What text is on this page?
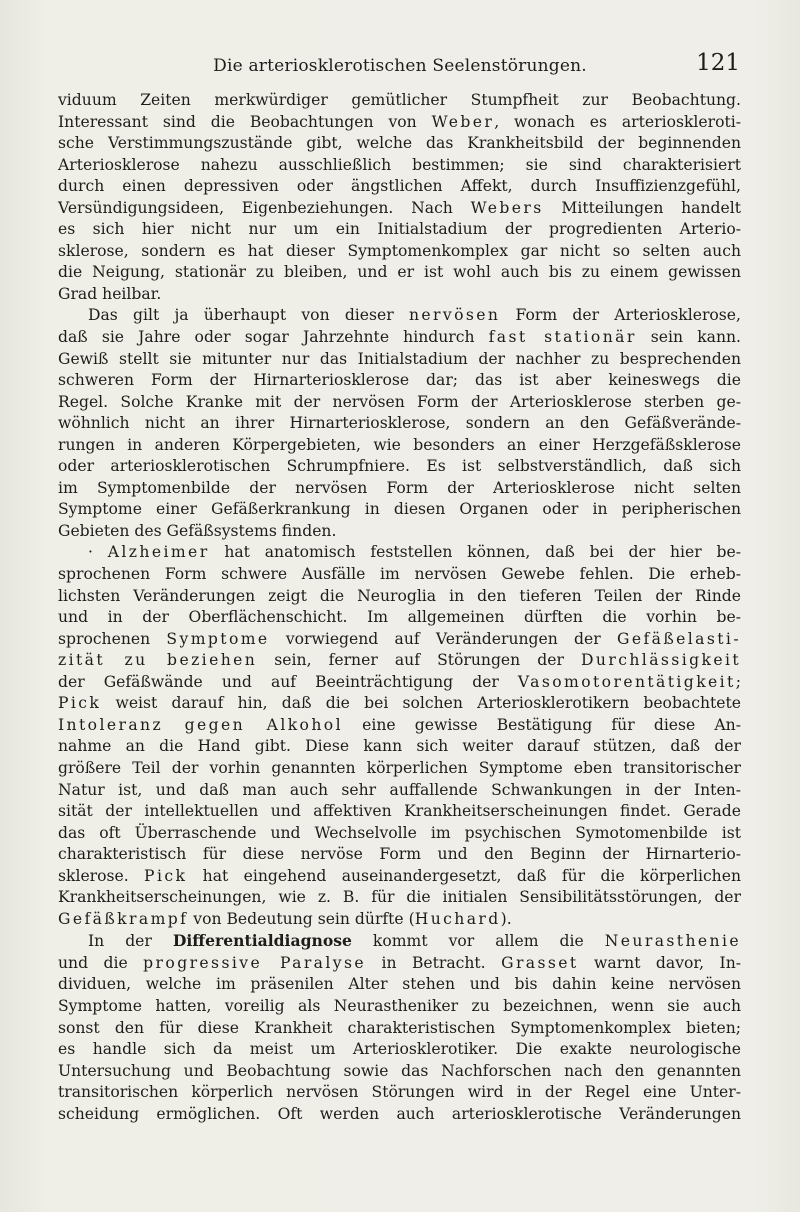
Die arteriosklerotischen Seelenstörungen.	121
viduum Zeiten merkwürdiger gemütlicher Stumpfheit zur Beobachtung.
Interessant sind die Beobachtungen von Weber, wonach es arterioskleroti-
sche Verstimmungszustände gibt, welche das Krankheitsbild der beginnenden
Arteriosklerose nahezu ausschließlich bestimmen; sie sind charakterisiert
durch einen depressiven oder ängstlichen Affekt, durch Insuffizienzgefühl,
Versündigungsideen, Eigenbeziehungen. Nach Webers Mitteilungen handelt
es sich hier nicht nur um ein Initialstadium der progredienten Arterio-
sklerose, sondern es hat dieser Symptomenkomplex gar nicht so selten auch
die Neigung, stationär zu bleiben, und er ist wohl auch bis zu einem gewissen
Grad heilbar.
Das gilt ja überhaupt von dieser nervösen Form der Arteriosklerose,
daß sie Jahre oder sogar Jahrzehnte hindurch fast stationär sein kann.
Gewiß stellt sie mitunter nur das Initialstadium der nachher zu besprechenden
schweren Form der Hirnarteriosklerose dar; das ist aber keineswegs die
Regel. Solche Kranke mit der nervösen Form der Arteriosklerose sterben ge-
wöhnlich nicht an ihrer Hirnarteriosklerose, sondern an den Gefäßverände-
rungen in anderen Körpergebieten, wie besonders an einer Herzgefäßsklerose
oder arteriosklerotischen Schrumpfniere. Es ist selbstverständlich, daß sich
im Symptomenbilde der nervösen Form der Arteriosklerose nicht selten
Symptome einer Gefäßerkrankung in diesen Organen oder in peripherischen
Gebieten des Gefäßsystems finden.
· Alzheimer hat anatomisch feststellen können, daß bei der hier be-
sprochenen Form schwere Ausfälle im nervösen Gewebe fehlen. Die erheb-
lichsten Veränderungen zeigt die Neuroglia in den tieferen Teilen der Rinde
und in der Oberflächenschicht. Im allgemeinen dürften die vorhin be-
sprochenen Symptome vorwiegend auf Veränderungen der Gefäßelasti-
zität zu beziehen sein, ferner auf Störungen der Durchlässigkeit
der Gefäßwände und auf Beeinträchtigung der Vasomotorentätigkeit;
Pick weist darauf hin, daß die bei solchen Arteriosklerotikern beobachtete
Intoleranz gegen Alkohol eine gewisse Bestätigung für diese An-
nahme an die Hand gibt. Diese kann sich weiter darauf stützen, daß der
größere Teil der vorhin genannten körperlichen Symptome eben transitorischer
Natur ist, und daß man auch sehr auffallende Schwankungen in der Inten-
sität der intellektuellen und affektiven Krankheitserscheinungen findet. Gerade
das oft Überraschende und Wechselvolle im psychischen Symotomenbilde ist
charakteristisch für diese nervöse Form und den Beginn der Hirnarterio-
sklerose. Pick hat eingehend auseinandergesetzt, daß für die körperlichen
Krankheitserscheinungen, wie z. B. für die initialen Sensibilitätsstörungen, der
Gefäßkrampf von Bedeutung sein dürfte (Huchard).
In der Differentialdiagnose kommt vor allem die Neurasthenie
und die progressive Paralyse in Betracht. Grasset warnt davor, In-
dividuen, welche im präsenilen Alter stehen und bis dahin keine nervösen
Symptome hatten, voreilig als Neurastheniker zu bezeichnen, wenn sie auch
sonst den für diese Krankheit charakteristischen Symptomenkomplex bieten;
es handle sich da meist um Arteriosklerotiker. Die exakte neurologische
Untersuchung und Beobachtung sowie das Nachforschen nach den genannten
transitorischen körperlich nervösen Störungen wird in der Regel eine Unter-
scheidung ermöglichen. Oft werden auch arteriosklerotische Veränderungen
